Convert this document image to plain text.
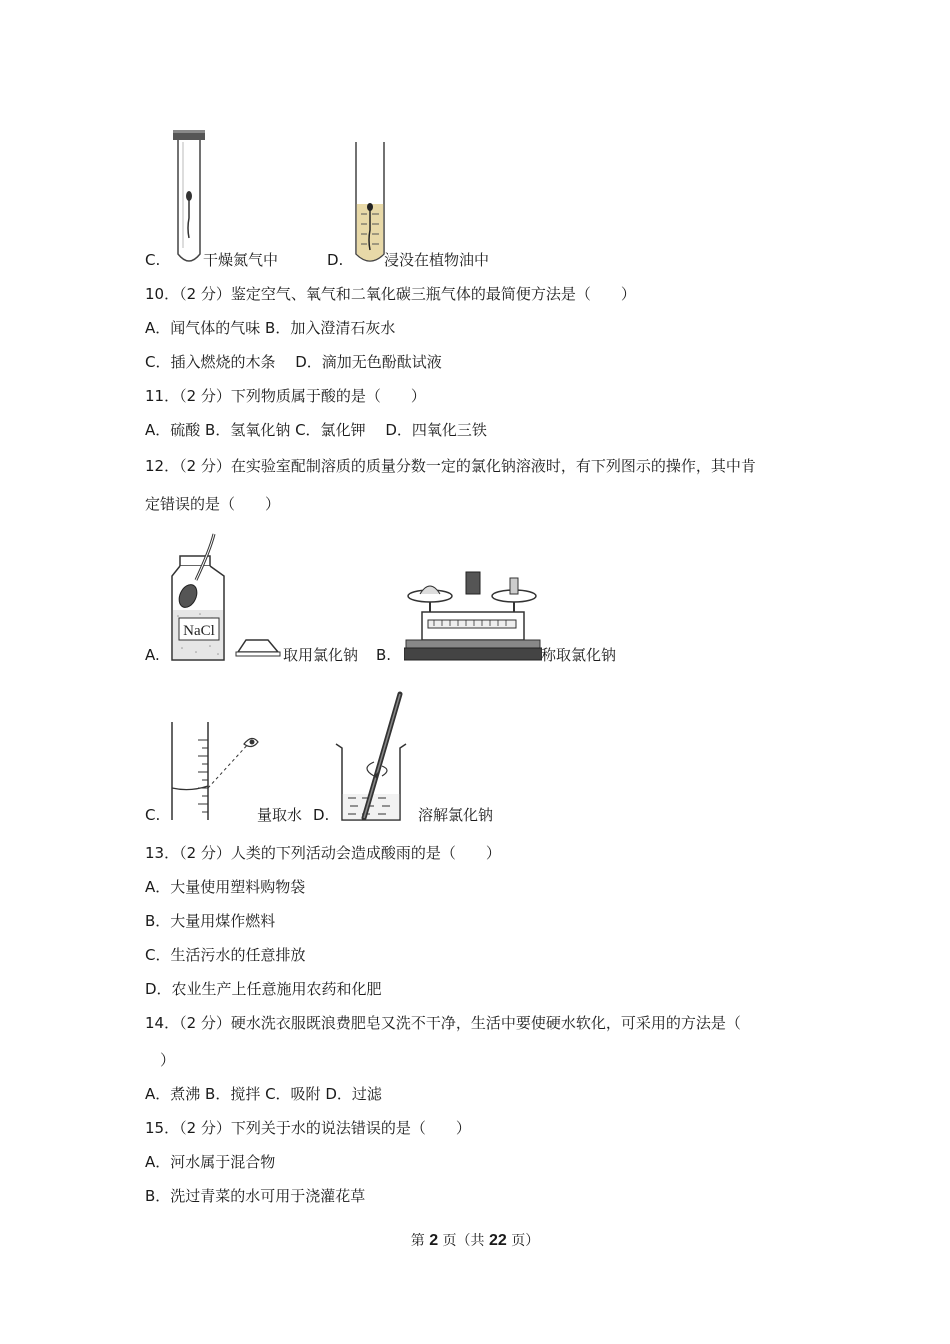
C.	干燥氮气中	D.	浸没在植物油中
10．（2 分）鉴定空气、氧气和二氧化碳三瓶气体的最简便方法是（　　）
A．闻气体的气味 B．加入澄清石灰水
C．插入燃烧的木条　 D．滴加无色酚酞试液
11．（2 分）下列物质属于酸的是（　　）
A．硫酸 B．氢氧化钠 C．氯化钾　 D．四氧化三铁
12．（2 分）在实验室配制溶质的质量分数一定的氯化钠溶液时，有下列图示的操作，其中肯
定错误的是（　　）
A.
NaCl
取用氯化钠 B.	称取氯化钠
C.	量取水 D.	溶解氯化钠
13．（2 分）人类的下列活动会造成酸雨的是（　　）
A．大量使用塑料购物袋
B．大量用煤作燃料
C．生活污水的任意排放
D．农业生产上任意施用农药和化肥
14．（2 分）硬水洗衣服既浪费肥皂又洗不干净，生活中要使硬水软化，可采用的方法是（
）
A．煮沸 B．搅拌 C．吸附 D．过滤
15．（2 分）下列关于水的说法错误的是（　　）
A．河水属于混合物
B．洗过青菜的水可用于浇灌花草
第 2 页（共 22 页）
